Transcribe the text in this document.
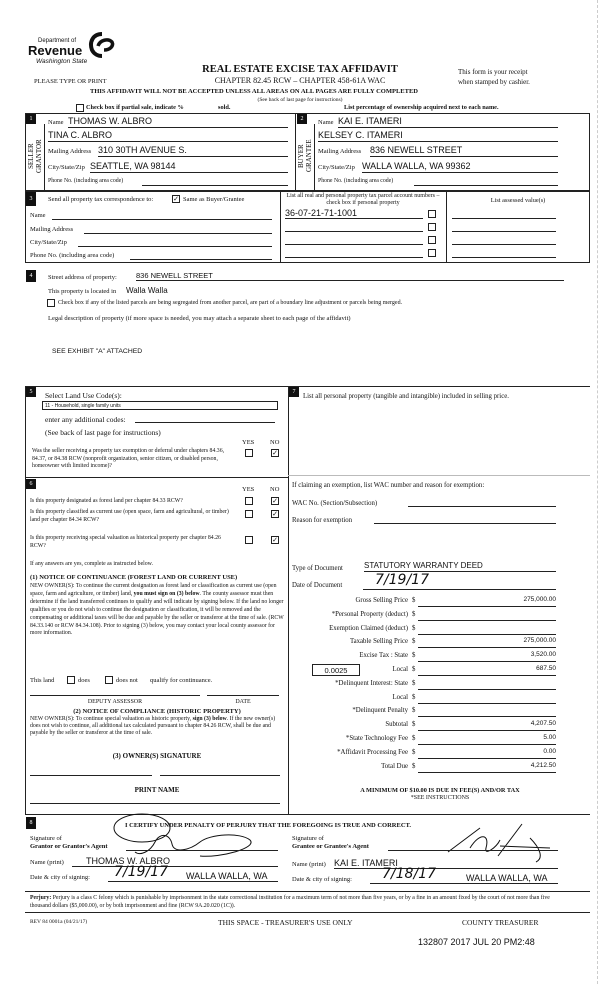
Department of
Revenue
Washington State
REAL ESTATE EXCISE TAX AFFIDAVIT
CHAPTER 82.45 RCW – CHAPTER 458-61A WAC
PLEASE TYPE OR PRINT
This form is your receipt
when stamped by cashier.
THIS AFFIDAVIT WILL NOT BE ACCEPTED UNLESS ALL AREAS ON ALL PAGES ARE FULLY COMPLETED
(See back of last page for instructions)
Check box if partial sale, indicate %	sold.	List percentage of ownership acquired next to each name.
1
SELLER
GRANTOR
Name THOMAS W. ALBRO
TINA C. ALBRO
Mailing Address 310 30TH AVENUE S.
City/State/Zip SEATTLE, WA 98144
Phone No. (including area code)
2
BUYER
GRANTEE
Name KAI E. ITAMERI
KELSEY C. ITAMERI
Mailing Address 836 NEWELL STREET
City/State/Zip WALLA WALLA, WA 99362
Phone No. (including area code)
3	Send all property tax correspondence to:	✓ Same as Buyer/Grantee
Name
Mailing Address
City/State/Zip
Phone No. (including area code)
List all real and personal property tax parcel account numbers – check box if personal property	List assessed value(s)
36-07-21-71-1001
4	Street address of property:	836 NEWELL STREET
This property is located in Walla Walla
Check box if any of the listed parcels are being segregated from another parcel, are part of a boundary line adjustment or parcels being merged.
Legal description of property (if more space is needed, you may attach a separate sheet to each page of the affidavit)
SEE EXHIBIT "A" ATTACHED
5	Select Land Use Code(s):
11 - Household, single family units
enter any additional codes:
(See back of last page for instructions)
YES NO
Was the seller receiving a property tax exemption or deferral under chapters 84.36, 84.37, or 84.38 RCW (nonprofit organization, senior citizen, or disabled person, homeowner with limited income)?
✓
6
YES NO
Is this property designated as forest land per chapter 84.33 RCW?	✓
Is this property classified as current use (open space, farm and agricultural, or timber) land per chapter 84.34 RCW?
✓
Is this property receiving special valuation as historical property per chapter 84.26 RCW?
✓
If any answers are yes, complete as instructed below.
(1) NOTICE OF CONTINUANCE (FOREST LAND OR CURRENT USE)
NEW OWNER(S): To continue the current designation as forest land or classification as current use (open space, farm and agriculture, or timber) land, you must sign on (3) below. The county assessor must then determine if the land transferred continues to qualify and will indicate by signing below. If the land no longer qualifies or you do not wish to continue the designation or classification, it will be removed and the compensating or additional taxes will be due and payable by the seller or transferor at the time of sale. (RCW 84.33.140 or RCW 84.34.108). Prior to signing (3) below, you may contact your local county assessor for more information.
This land	does	does not qualify for continuance.
DEPUTY ASSESSOR	DATE
(2) NOTICE OF COMPLIANCE (HISTORIC PROPERTY)
NEW OWNER(S): To continue special valuation as historic property, sign (3) below. If the new owner(s) does not wish to continue, all additional tax calculated pursuant to chapter 84.26 RCW, shall be due and payable by the seller or transferor at the time of sale.
(3) OWNER(S) SIGNATURE
PRINT NAME
7
List all personal property (tangible and intangible) included in selling price.
If claiming an exemption, list WAC number and reason for exemption:
WAC No. (Section/Subsection)
Reason for exemption
Type of Document	STATUTORY WARRANTY DEED
Date of Document	7/19/17
Gross Selling Price $	275,000.00
*Personal Property (deduct) $
Exemption Claimed (deduct) $
Taxable Selling Price $	275,000.00
Excise Tax : State $	3,520.00
0.0025	Local $	687.50
*Delinquent Interest: State $
Local $
*Delinquent Penalty $
Subtotal $	4,207.50
*State Technology Fee $	5.00
*Affidavit Processing Fee $	0.00
Total Due $	4,212.50
A MINIMUM OF $10.00 IS DUE IN FEE(S) AND/OR TAX
*SEE INSTRUCTIONS
8	I CERTIFY UNDER PENALTY OF PERJURY THAT THE FOREGOING IS TRUE AND CORRECT.
Signature of
Grantor or Grantor's Agent
Name (print)	THOMAS W. ALBRO
Date & city of signing: 7/19/17 WALLA WALLA, WA
Signature of
Grantee or Grantee's Agent
Name (print) KAI E. ITAMERI
Date & city of signing: 7/18/17	WALLA WALLA, WA
Perjury: Perjury is a class C felony which is punishable by imprisonment in the state correctional institution for a maximum term of not more than five years, or by a fine in an amount fixed by the court of not more than five thousand dollars ($5,000.00), or by both imprisonment and fine (RCW 9A.20.020 (1C)).
REV 84 0001a (04/21/17)	THIS SPACE - TREASURER'S USE ONLY	COUNTY TREASURER
132807 2017 JUL 20 PM2:48
